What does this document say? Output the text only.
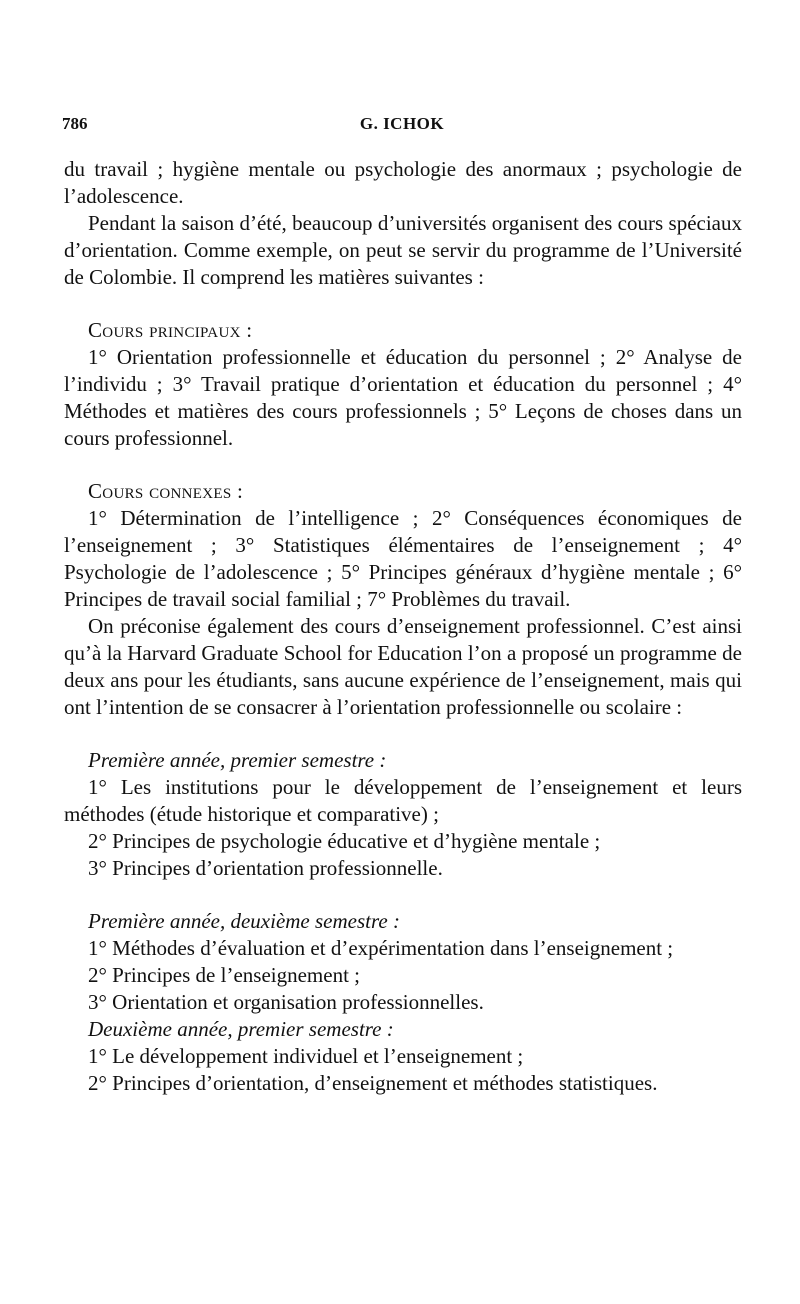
786	G. ICHOK

du travail ; hygiène mentale ou psychologie des anormaux ; psychologie de l’adolescence.

Pendant la saison d’été, beaucoup d’universités organisent des cours spéciaux d’orientation. Comme exemple, on peut se servir du programme de l’Université de Colombie. Il comprend les matières suivantes :

Cours principaux :

1° Orientation professionnelle et éducation du personnel ; 2° Analyse de l’individu ; 3° Travail pratique d’orientation et éducation du personnel ; 4° Méthodes et matières des cours professionnels ; 5° Leçons de choses dans un cours professionnel.

Cours connexes :

1° Détermination de l’intelligence ; 2° Conséquences économiques de l’enseignement ; 3° Statistiques élémentaires de l’enseignement ; 4° Psychologie de l’adolescence ; 5° Principes généraux d’hygiène mentale ; 6° Principes de travail social familial ; 7° Problèmes du travail.

On préconise également des cours d’enseignement professionnel. C’est ainsi qu’à la Harvard Graduate School for Education l’on a proposé un programme de deux ans pour les étudiants, sans aucune expérience de l’enseignement, mais qui ont l’intention de se consacrer à l’orientation professionnelle ou scolaire :

Première année, premier semestre :

1° Les institutions pour le développement de l’enseignement et leurs méthodes (étude historique et comparative) ;

2° Principes de psychologie éducative et d’hygiène mentale ;

3° Principes d’orientation professionnelle.

Première année, deuxième semestre :

1° Méthodes d’évaluation et d’expérimentation dans l’enseignement ;

2° Principes de l’enseignement ;

3° Orientation et organisation professionnelles.

Deuxième année, premier semestre :

1° Le développement individuel et l’enseignement ;

2° Principes d’orientation, d’enseignement et méthodes statistiques.
